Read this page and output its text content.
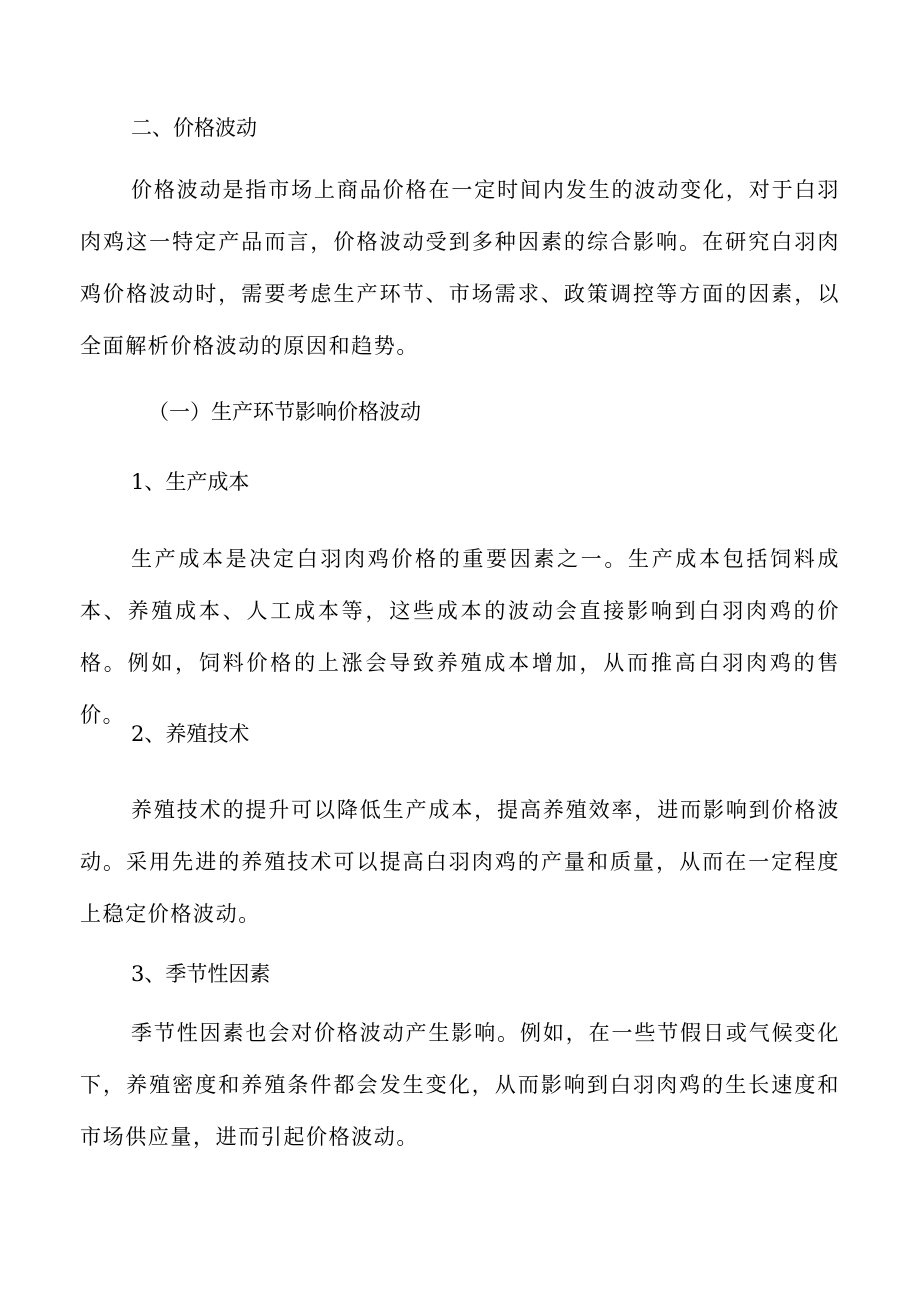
二、价格波动

价格波动是指市场上商品价格在一定时间内发生的波动变化，对于白羽肉鸡这一特定产品而言，价格波动受到多种因素的综合影响。在研究白羽肉鸡价格波动时，需要考虑生产环节、市场需求、政策调控等方面的因素，以全面解析价格波动的原因和趋势。

（一）生产环节影响价格波动

1、生产成本

生产成本是决定白羽肉鸡价格的重要因素之一。生产成本包括饲料成本、养殖成本、人工成本等，这些成本的波动会直接影响到白羽肉鸡的价格。例如，饲料价格的上涨会导致养殖成本增加，从而推高白羽肉鸡的售价。

2、养殖技术

养殖技术的提升可以降低生产成本，提高养殖效率，进而影响到价格波动。采用先进的养殖技术可以提高白羽肉鸡的产量和质量，从而在一定程度上稳定价格波动。

3、季节性因素

季节性因素也会对价格波动产生影响。例如，在一些节假日或气候变化下，养殖密度和养殖条件都会发生变化，从而影响到白羽肉鸡的生长速度和市场供应量，进而引起价格波动。
